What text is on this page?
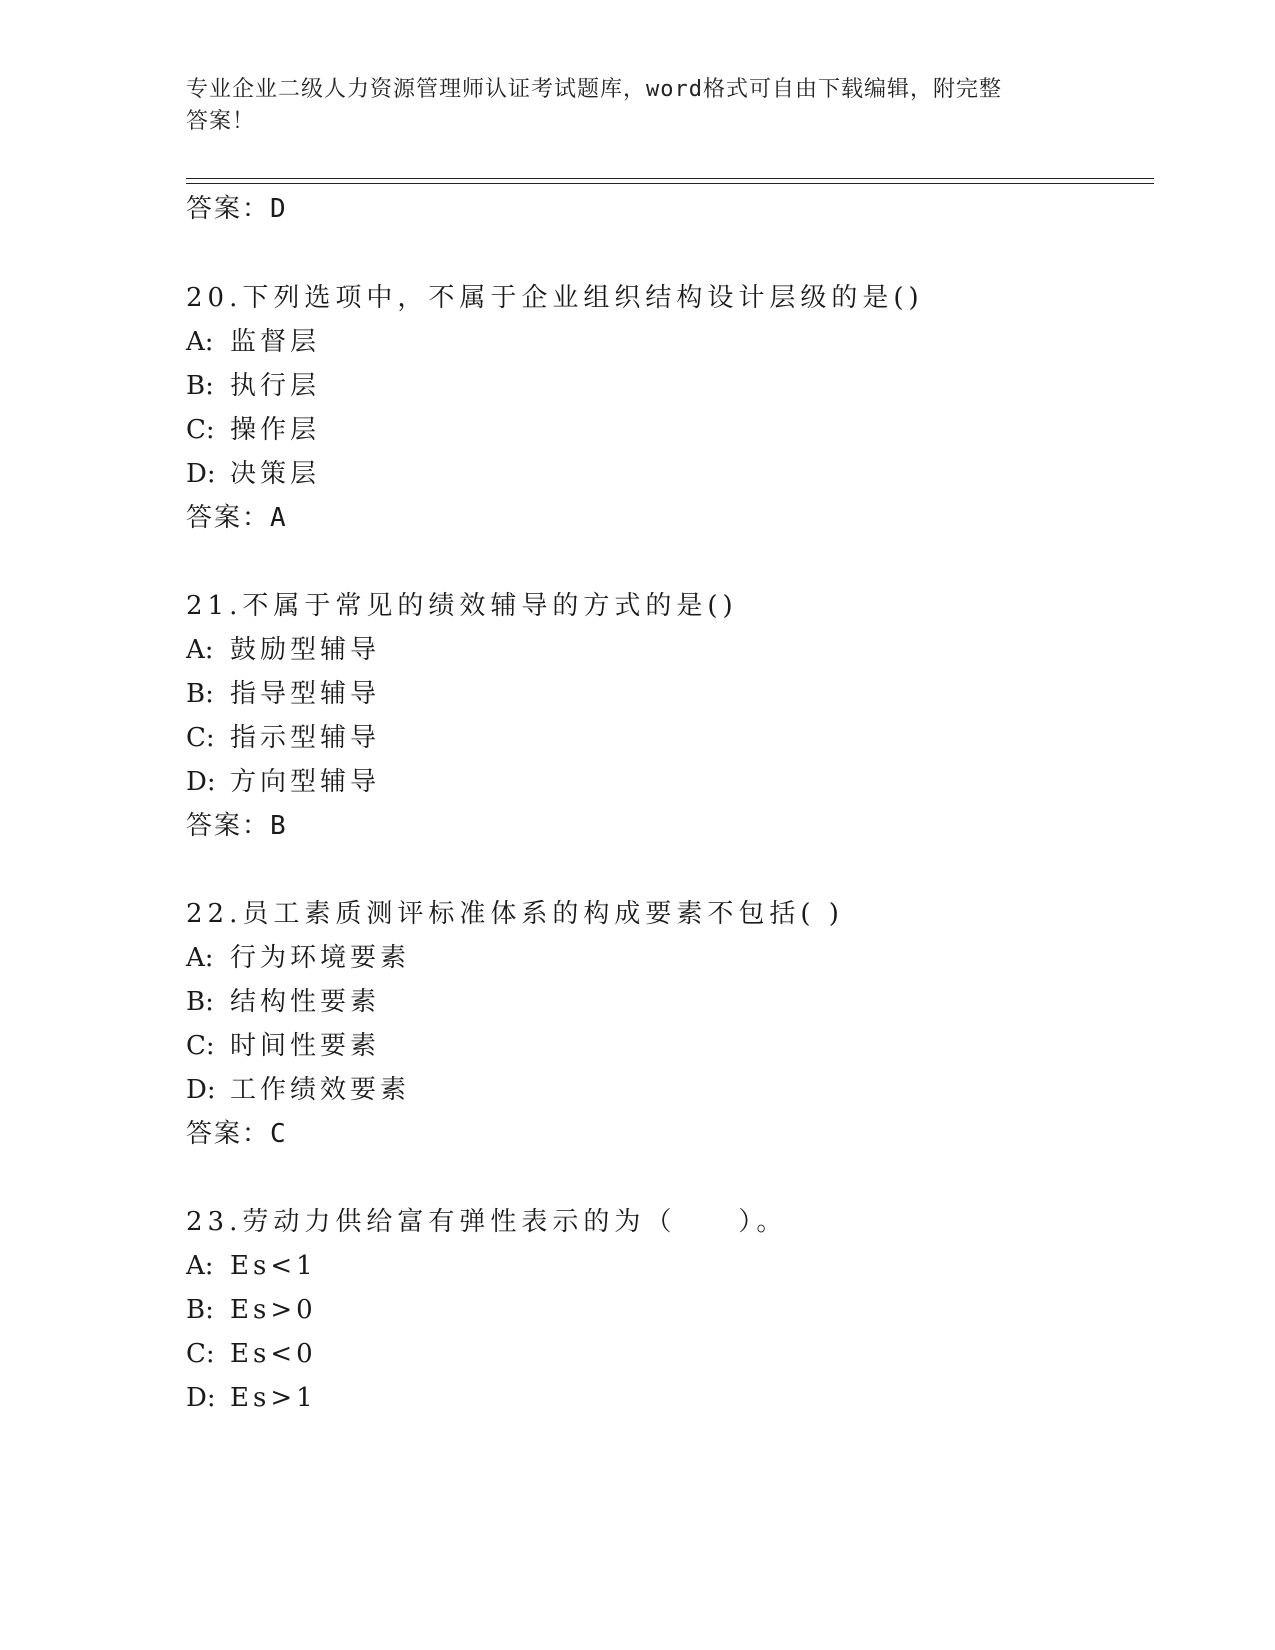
专业企业二级人力资源管理师认证考试题库，word格式可自由下载编辑，附完整
答案！
答案：D
20.下列选项中，不属于企业组织结构设计层级的是()
A: 监督层
B: 执行层
C: 操作层
D: 决策层
答案：A
21.不属于常见的绩效辅导的方式的是()
A: 鼓励型辅导
B: 指导型辅导
C: 指示型辅导
D: 方向型辅导
答案：B
22.员工素质测评标准体系的构成要素不包括( )
A: 行为环境要素
B: 结构性要素
C: 时间性要素
D: 工作绩效要素
答案：C
23.劳动力供给富有弹性表示的为（　　）。
A: Es<1
B: Es>0
C: Es<0
D: Es>1
